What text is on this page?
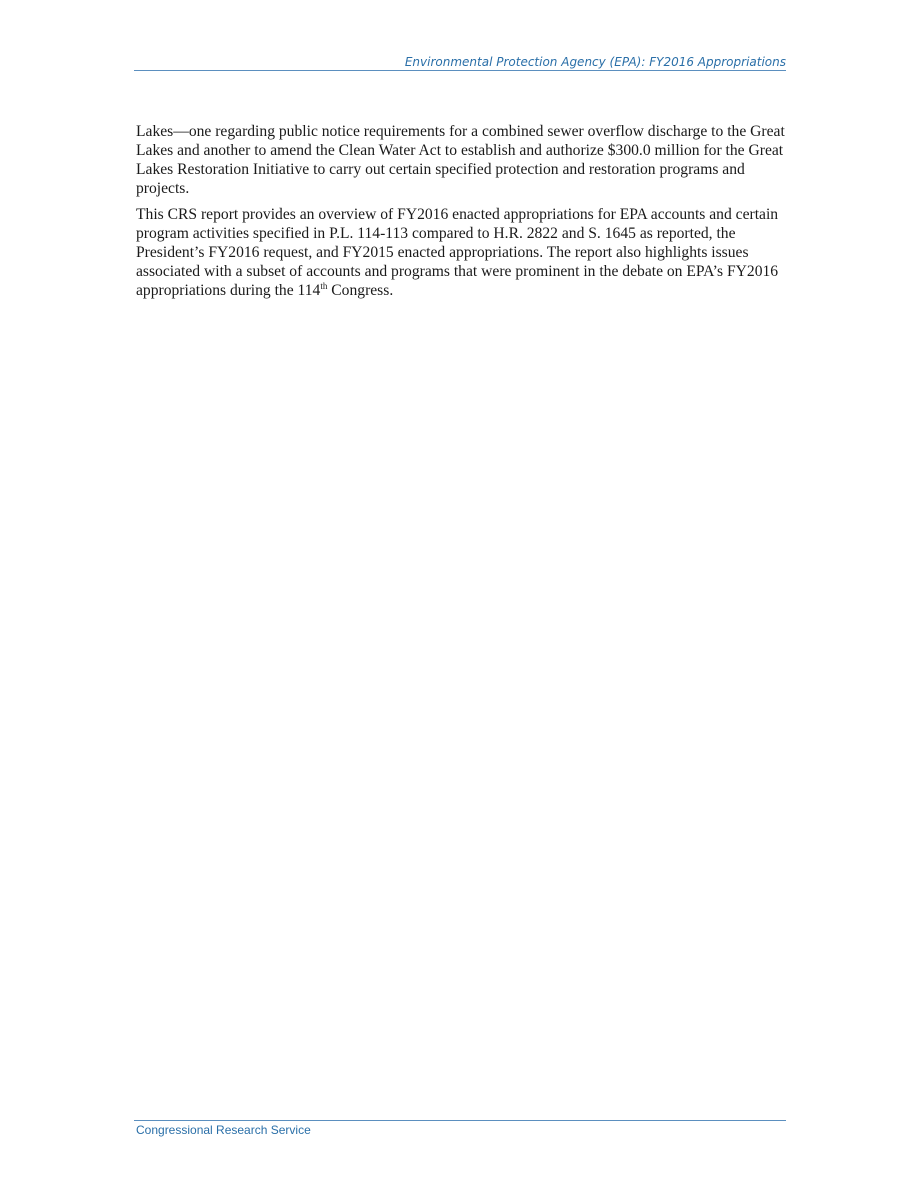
Environmental Protection Agency (EPA): FY2016 Appropriations

Lakes—one regarding public notice requirements for a combined sewer overflow discharge to the Great Lakes and another to amend the Clean Water Act to establish and authorize $300.0 million for the Great Lakes Restoration Initiative to carry out certain specified protection and restoration programs and projects.

This CRS report provides an overview of FY2016 enacted appropriations for EPA accounts and certain program activities specified in P.L. 114-113 compared to H.R. 2822 and S. 1645 as reported, the President’s FY2016 request, and FY2015 enacted appropriations. The report also highlights issues associated with a subset of accounts and programs that were prominent in the debate on EPA’s FY2016 appropriations during the 114th Congress.

Congressional Research Service
